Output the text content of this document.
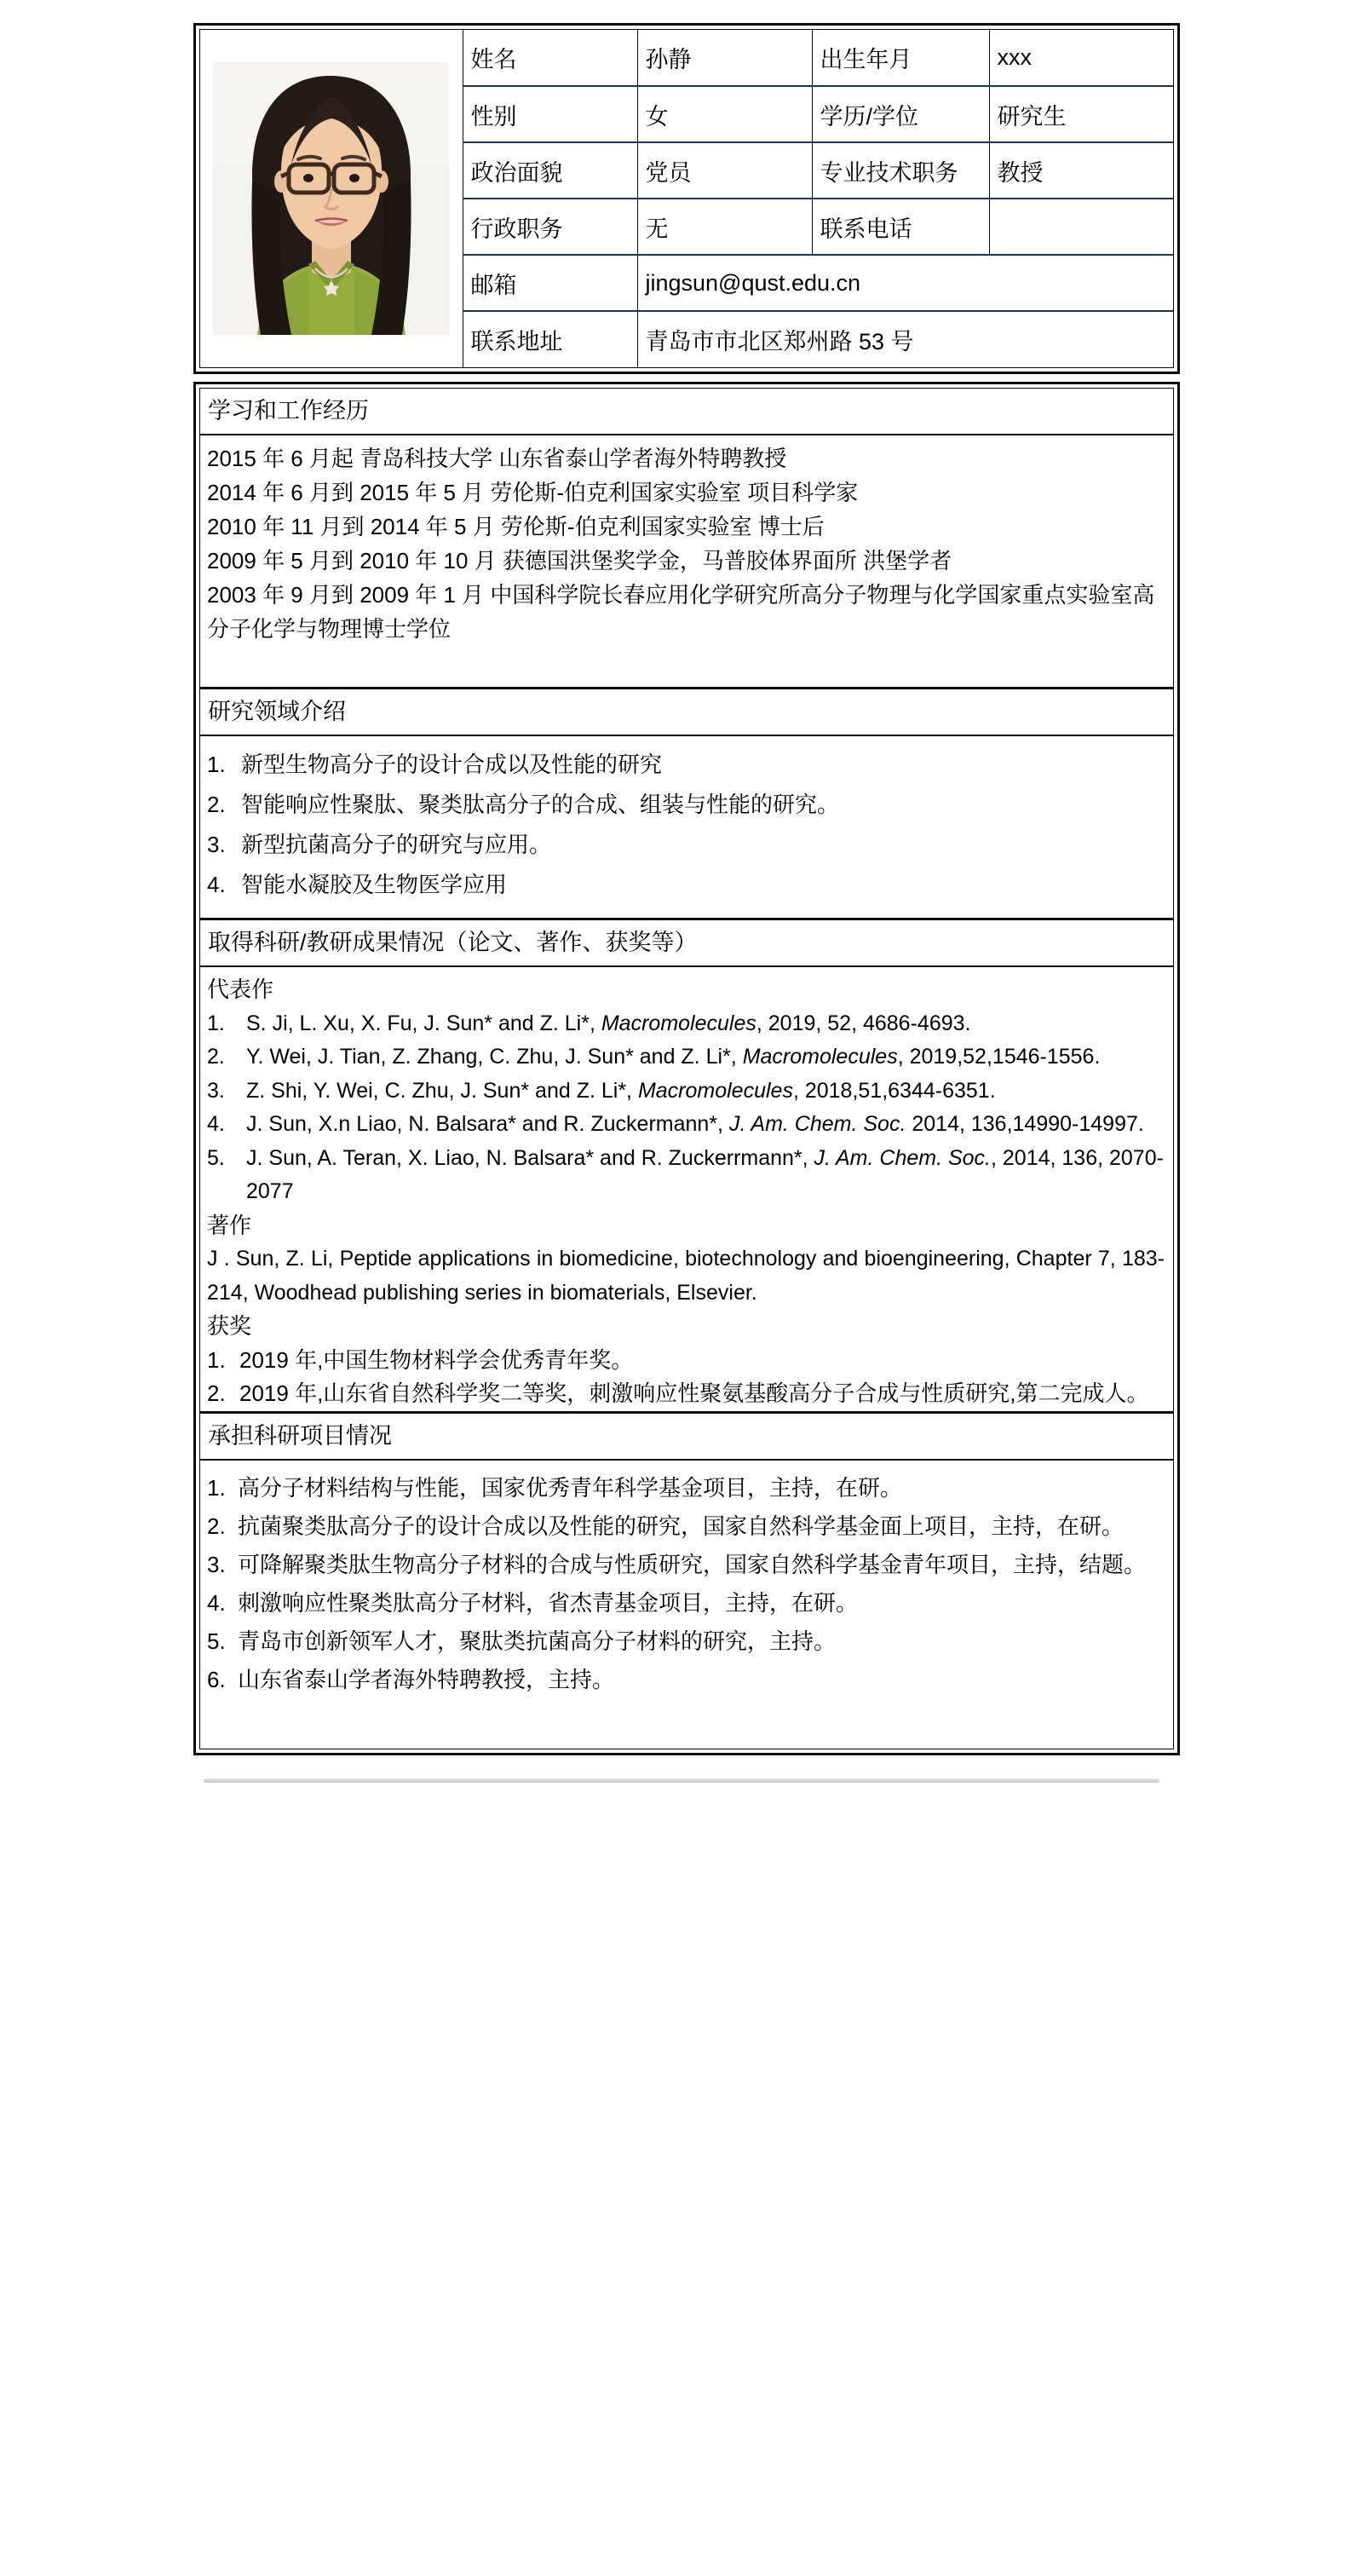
	姓名	孙静	出生年月	xxx
	性别	女	学历/学位	研究生
	政治面貌	党员	专业技术职务	教授
	行政职务	无	联系电话	
	邮箱	jingsun@qust.edu.cn		
	联系地址	青岛市市北区郑州路 53 号		
学习和工作经历
2015 年 6 月起 青岛科技大学 山东省泰山学者海外特聘教授
2014 年 6 月到 2015 年 5 月 劳伦斯-伯克利国家实验室 项目科学家
2010 年 11 月到 2014 年 5 月 劳伦斯-伯克利国家实验室 博士后
2009 年 5 月到 2010 年 10 月 获德国洪堡奖学金，马普胶体界面所 洪堡学者
2003 年 9 月到 2009 年 1 月 中国科学院长春应用化学研究所高分子物理与化学国家重点实验室高分子化学与物理博士学位
研究领域介绍
1. 新型生物高分子的设计合成以及性能的研究
2. 智能响应性聚肽、聚类肽高分子的合成、组装与性能的研究。
3. 新型抗菌高分子的研究与应用。
4. 智能水凝胶及生物医学应用
取得科研/教研成果情况（论文、著作、获奖等）
代表作
1.	S. Ji, L. Xu, X. Fu, J. Sun* and Z. Li*, Macromolecules, 2019, 52, 4686-4693.
2.	Y. Wei, J. Tian, Z. Zhang, C. Zhu, J. Sun* and Z. Li*, Macromolecules, 2019,52,1546-1556.
3.	Z. Shi, Y. Wei, C. Zhu, J. Sun* and Z. Li*, Macromolecules, 2018,51,6344-6351.
4.	J. Sun, X.n Liao, N. Balsara* and R. Zuckermann*, J. Am. Chem. Soc. 2014, 136,14990-14997.
5.	J. Sun, A. Teran, X. Liao, N. Balsara* and R. Zuckerrmann*, J. Am. Chem. Soc., 2014, 136, 2070-2077
著作
J . Sun, Z. Li, Peptide applications in biomedicine, biotechnology and bioengineering, Chapter 7, 183-214, Woodhead publishing series in biomaterials, Elsevier.
获奖
1. 2019 年,中国生物材料学会优秀青年奖。
2. 2019 年,山东省自然科学奖二等奖，刺激响应性聚氨基酸高分子合成与性质研究,第二完成人。
承担科研项目情况
1. 高分子材料结构与性能，国家优秀青年科学基金项目，主持，在研。
2. 抗菌聚类肽高分子的设计合成以及性能的研究，国家自然科学基金面上项目，主持，在研。
3. 可降解聚类肽生物高分子材料的合成与性质研究，国家自然科学基金青年项目，主持，结题。
4. 刺激响应性聚类肽高分子材料，省杰青基金项目，主持，在研。
5. 青岛市创新领军人才，聚肽类抗菌高分子材料的研究，主持。
6. 山东省泰山学者海外特聘教授，主持。
